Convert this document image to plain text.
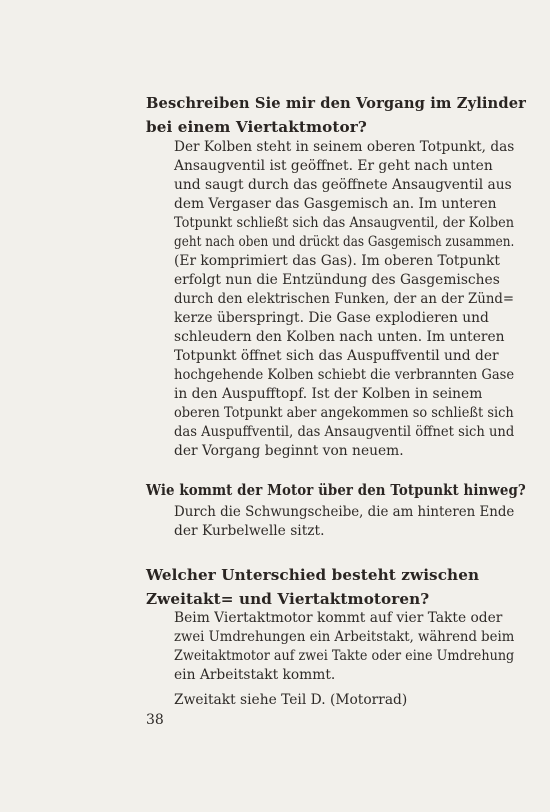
Beschreiben Sie mir den Vorgang im Zylinder
bei einem Viertaktmotor?
Der Kolben steht in seinem oberen Totpunkt, das
Ansaugventil ist geöffnet. Er geht nach unten
und saugt durch das geöffnete Ansaugventil aus
dem Vergaser das Gasgemisch an. Im unteren
Totpunkt schließt sich das Ansaugventil, der Kolben
geht nach oben und drückt das Gasgemisch zusammen.
(Er komprimiert das Gas). Im oberen Totpunkt
erfolgt nun die Entzündung des Gasgemisches
durch den elektrischen Funken, der an der Zünd=
kerze überspringt. Die Gase explodieren und
schleudern den Kolben nach unten. Im unteren
Totpunkt öffnet sich das Auspuffventil und der
hochgehende Kolben schiebt die verbrannten Gase
in den Auspufftopf. Ist der Kolben in seinem
oberen Totpunkt aber angekommen so schließt sich
das Auspuffventil, das Ansaugventil öffnet sich und
der Vorgang beginnt von neuem.
Wie kommt der Motor über den Totpunkt hinweg?
Durch die Schwungscheibe, die am hinteren Ende
der Kurbelwelle sitzt.
Welcher Unterschied besteht zwischen
Zweitakt= und Viertaktmotoren?
Beim Viertaktmotor kommt auf vier Takte oder
zwei Umdrehungen ein Arbeitstakt, während beim
Zweitaktmotor auf zwei Takte oder eine Umdrehung
ein Arbeitstakt kommt.
Zweitakt siehe Teil D. (Motorrad)
38
